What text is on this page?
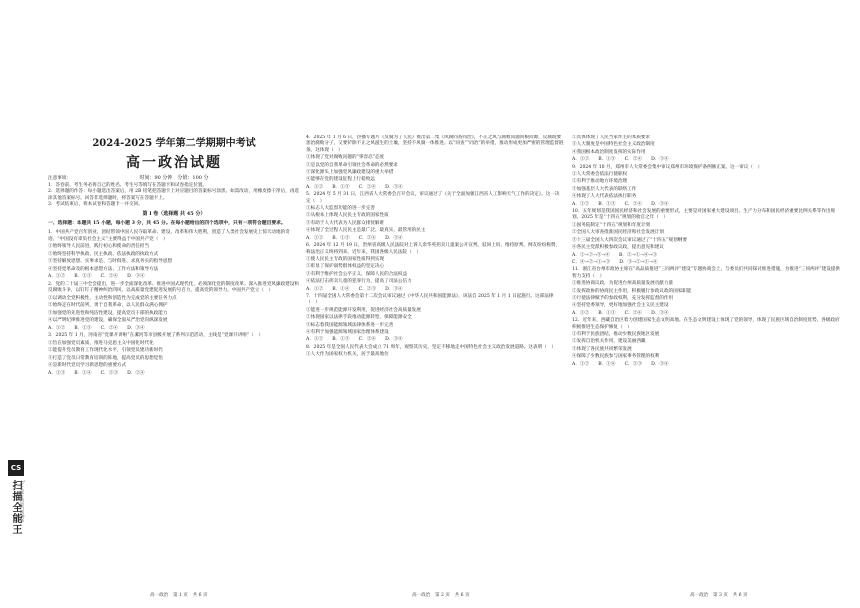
CS
扫描全能王 3亿人都在用的扫描App
2024-2025 学年第二学期期中考试
高一政治试题
时间：90 分钟　分值：100 分
注意事项：
1．答卷前，考生务必将自己的姓名、考生号等填写在答题卡和试卷指定位置。
2．选择题的作答：每小题选出答案后，用 2B 铅笔把答题卡上对应题目的答案标号涂黑。如需改动，用橡皮擦干净后，再选涂其他答案标号。回答非选择题时，将答案写在答题卡上。
3．考试结束后，将本试卷和答题卡一并交回。
第 I 卷（选择题 共 45 分）
一、选择题：本题共 15 小题，每小题 3 分，共 45 分。在每小题给出的四个选项中，只有一项符合题目要求。

1．中国共产党百年创业，团结带领中国人民夺取革命、建设、改革和伟大胜利，创造了人类社会发展史上惊天动地的奇迹。“中国没有辜负社会主义”主要得益于中国共产党（　）

①始终领导人民前进，践行初心和使命的责任担当

②始终坚持科学执政、民主执政、依法执政的执政方式

③坚持解放思想、实事求是、与时俱进、求真务实的指导思想

④坚持党革命及的根本思想方法、工作方法和领导方法

A．①②　　B．①③　　C．②④　　D．③④

2．党的二十届三中全会提出，进一步全面深化改革、推进中国式现代化，必须深化党的制度改革。深入推进党风廉政建设和反腐败斗争，以钉钉子精神纠治四风，以高质量党建促进发展的号召力，提高党的领导力。中国共产党立（　）

①以调动全党积极性、主动性和创造性为完成党的主要任务力点

②始终走在时代前列，勇于自我革命，以人民群众满心拥护

③加强党的先进性和纯洁性建设，提高党员干部的执政能力

④以严明纪律推进党的建设，确保全面从严治党向纵深发展

A．①②　　B．①③　　C．②④　　D．③④

3．2025 年 1 月，河南省“党课开讲啦”在漯河等市县级开展了系列示范活动，主线是“党课开讲啦”（　）

①旨在加强党员素质，推进马克思主义中国化时代化

②能提升党员教育工作现代化水平，引领党员建功新时代

③打造了党员日常教育培训的阵地，提高党员的思想觉悟

④是新时代党员学习新思想的重要方式

A．①③　　B．①④　　C．②③　　D．②④

4．2025 年 1 月 6 日，热播专题片《反腐为了人民》推出第二集《风腐同查同治》，不正之风与腐败问题同根同源，反腐既要惩治腐败分子，又要铲除不正之风滋生的土壤，坚持不风腐一体推进。以“同查”“同治”的举措，推动形成更加严密的管理监督链条。这体现（　）

①体现了党对腐败问题的“零容忍”态度

②是以党的自我革命引领社会革命的必然要求

③深化源头上加强党风廉政建设的重大举措

④能够在党的建设征程上行稳致远

A．①②　　B．①③　　C．②④　　D．③④

5．2024 年 5 月 31 日，江西省人大常委会召开会议，审议通过了《关于全面加强江西省人工影响天气工作的决定》。这一决定（　）

①标志人大监督功能的进一步完善

②从根本上体现人民民主专政的国家性质

③有助于人大代表为人民群众排忧解难

④体现了全过程人民民主是最广泛、最真实、最管用的民主

A．①②　　B．①③　　C．②④　　D．③④

6．2024 年 12 月 19 日，贵州省高级人民法院对上诉人余华英拐卖儿童案公开宣判，驳回上诉，维持原判。网友纷纷称赞，称法治正义终将到来。近年来，我国各级人民法院（　）

①使人民民主专政的国家性质得到实现

②彰显了保护弱势群体权益的坚定决心

③有利于维护社会公平正义，保障人民的合法权益

④依法打击拐卖儿童的犯罪行为，提高了司法公信力

A．①②　　B．①④　　C．②③　　D．③④

7．十四届全国人大常委会第十二次会议审议通过《中华人民共和国能源法》，该法自 2025 年 1 月 1 日起施行。这部法律（　）

①能进一步规范能源开发利用，促进经济社会高质量发展

②体现国家以法律手段推动能源转型，保障能源安全

③标志着我国能源领域法律体系进一步完善

④有利于加强能源领域国家治理体系建设

A．①②　　B．①③　　C．②④　　D．③④

8．2025 年是全国人民代表大会成立 71 周年，观察其历史，坚定不移地走中国特色社会主义政治发展道路。这表明（　）

①人大作为国家权力机关，居于最高地位

②具体体现了人民当家作主的本质要求

③人大制度是中国特色社会主义政治制度

④我国根本政治制度发挥的实际作用

A．①②　　B．①③　　C．②④　　D．③④

9．2024 年 10 月，郑州市人大常委会集中审议郑州市环境保护条例修正案。这一审议（　）

①人大常委会依法行使职权

②有利于推动地方环境治理

③加强基层人大代表的联络工作

④体现了人大代表依法执行职务

A．①②　　B．①③　　C．②④　　D．③④

10．五年规划是我国国民经济和社会发展的重要形式，主要是对国家重大建设项目、生产力分布和国民经济重要比例关系等作出规划。2025 年是“十四五”规划的收官之年（　）

①国务院制定“十四五”规划和年度计划

②全国人大审查批准国民经济和社会发展计划

③十三届全国人大四次会议审议通过了“十四五”规划纲要

④各民主党派积极参政议政，提出意见和建议

A．①→②→③→④　　B．②→①→④→③

C．④→②→①→③　　D．③→②→①→④

11．浙江省台州市政协主席在“高品质推进“三同两评”建设”专题协商会上，与委员们共同探讨推进措施，为推进“三同两评”建设提供智力支持（　）

①推进协商议政，为促进台州高质量发展贡献力量

②发挥政协的协商民主作用，积极履行参政议政的国家职能

③行使法律赋予的参政权利，充分发挥监督的作用

④坚持党委领导，更好地加强社会主义民主建设

A．①②　　B．①③　　C．②④　　D．③④

12．近年来，西藏自治区着力创建国家生态文明高地。在生态文明建设上体现了党的领导，体现了民族区域自治制度优势，各级政府积极推进生态保护修复（　）

①有利于民族团结，推动少数民族地区发展

②发挥自治机关作用，建设美丽西藏

③体现了各民族共同繁荣发展

④保障了少数民族参与国家事务管理的权利

A．①②　　B．①④　　C．②③　　D．③④

高一政治　第 1 页　共 6 页	高一政治　第 2 页　共 6 页	高一政治　第 3 页　共 6 页
